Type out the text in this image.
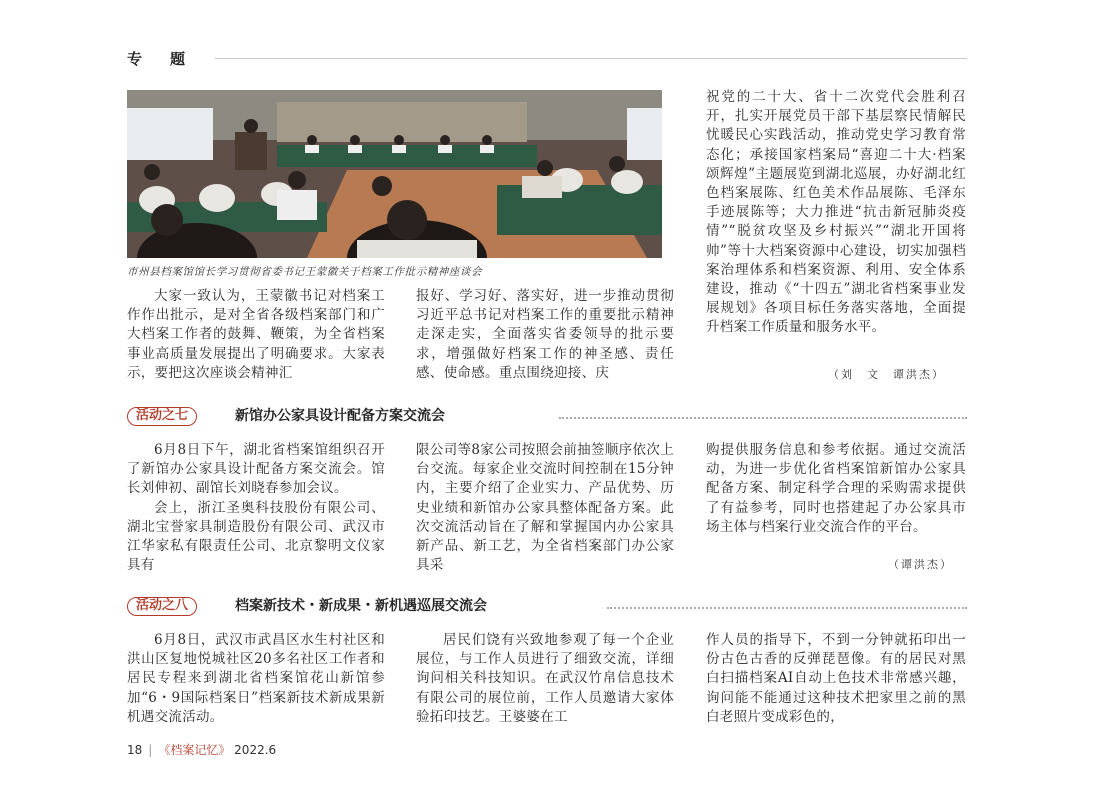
专题
市州县档案馆馆长学习贯彻省委书记王蒙徽关于档案工作批示精神座谈会

大家一致认为，王蒙徽书记对档案工作作出批示，是对全省各级档案部门和广大档案工作者的鼓舞、鞭策，为全省档案事业高质量发展提出了明确要求。大家表示，要把这次座谈会精神汇

报好、学习好、落实好，进一步推动贯彻习近平总书记对档案工作的重要批示精神走深走实，全面落实省委领导的批示要求，增强做好档案工作的神圣感、责任感、使命感。重点围绕迎接、庆

祝党的二十大、省十二次党代会胜利召开，扎实开展党员干部下基层察民情解民忧暖民心实践活动，推动党史学习教育常态化；承接国家档案局“喜迎二十大·档案颂辉煌”主题展览到湖北巡展，办好湖北红色档案展陈、红色美术作品展陈、毛泽东手迹展陈等；大力推进“抗击新冠肺炎疫情”“脱贫攻坚及乡村振兴”“湖北开国将帅”等十大档案资源中心建设，切实加强档案治理体系和档案资源、利用、安全体系建设，推动《“十四五”湖北省档案事业发展规划》各项目标任务落实落地，全面提升档案工作质量和服务水平。

（刘　文　谭洪杰）
活动之七	新馆办公家具设计配备方案交流会

6月8日下午，湖北省档案馆组织召开了新馆办公家具设计配备方案交流会。馆长刘伸初、副馆长刘晓春参加会议。

会上，浙江圣奥科技股份有限公司、湖北宝誉家具制造股份有限公司、武汉市江华家私有限责任公司、北京黎明文仪家具有

限公司等8家公司按照会前抽签顺序依次上台交流。每家企业交流时间控制在15分钟内，主要介绍了企业实力、产品优势、历史业绩和新馆办公家具整体配备方案。此次交流活动旨在了解和掌握国内办公家具新产品、新工艺，为全省档案部门办公家具采

购提供服务信息和参考依据。通过交流活动，为进一步优化省档案馆新馆办公家具配备方案、制定科学合理的采购需求提供了有益参考，同时也搭建起了办公家具市场主体与档案行业交流合作的平台。

（谭洪杰）
活动之八	档案新技术・新成果・新机遇巡展交流会

6月8日，武汉市武昌区水生村社区和洪山区复地悦城社区20多名社区工作者和居民专程来到湖北省档案馆花山新馆参加“6・9国际档案日”档案新技术新成果新机遇交流活动。

居民们饶有兴致地参观了每一个企业展位，与工作人员进行了细致交流，详细询问相关科技知识。在武汉竹帛信息技术有限公司的展位前，工作人员邀请大家体验拓印技艺。王婆婆在工

作人员的指导下，不到一分钟就拓印出一份古色古香的反弹琵琶像。有的居民对黑白扫描档案AI自动上色技术非常感兴趣，询问能不能通过这种技术把家里之前的黑白老照片变成彩色的，

18 | 《档案记忆》 2022.6
